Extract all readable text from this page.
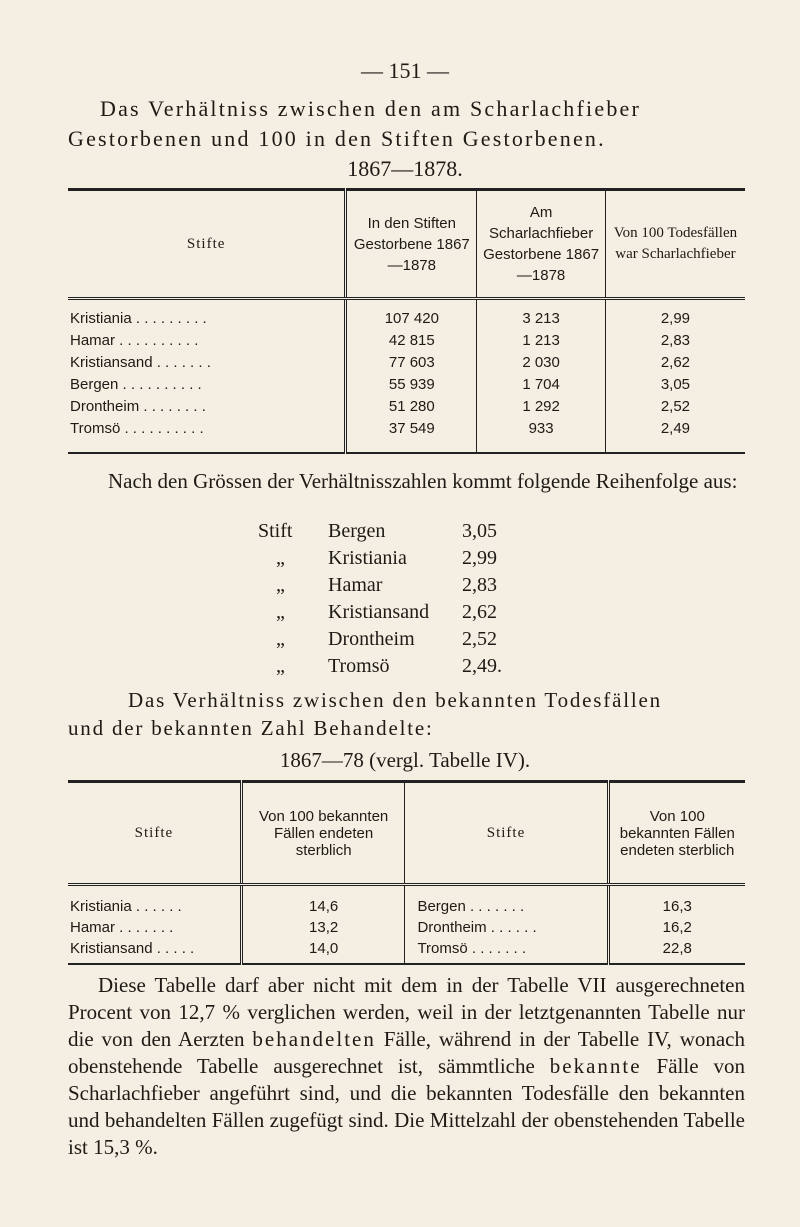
— 151 —
Das Verhältniss zwischen den am Scharlachfieber
Gestorbenen und 100 in den Stiften Gestorbenen.
1867—1878.
Stifte	In den Stiften Gestorbene 1867—1878	Am Scharlachfieber Gestorbene 1867—1878	Von 100 Todesfällen war Scharlachfieber
Kristiania . . . . . . . . .	107 420	3 213	2,99
Hamar . . . . . . . . . .	42 815	1 213	2,83
Kristiansand . . . . . . .	77 603	2 030	2,62
Bergen . . . . . . . . . .	55 939	1 704	3,05
Drontheim . . . . . . . .	51 280	1 292	2,52
Tromsö . . . . . . . . . .	37 549	933	2,49
Nach den Grössen der Verhältnisszahlen kommt folgende Reihenfolge aus:
Stift	Bergen	3,05
„	Kristiania	2,99
„	Hamar	2,83
„	Kristiansand	2,62
„	Drontheim	2,52
„	Tromsö	2,49.
Das Verhältniss zwischen den bekannten Todesfällen
und der bekannten Zahl Behandelte:
1867—78 (vergl. Tabelle IV).
Stifte	Von 100 bekannten Fällen endeten sterblich	Stifte	Von 100 bekannten Fällen endeten sterblich
Kristiania . . . . . .	14,6	Bergen . . . . . . .	16,3
Hamar . . . . . . .	13,2	Drontheim . . . . . .	16,2
Kristiansand . . . . .	14,0	Tromsö . . . . . . .	22,8
Diese Tabelle darf aber nicht mit dem in der Tabelle VII ausgerechneten Procent von 12,7 % verglichen werden, weil in der letztgenannten Tabelle nur die von den Aerzten behandelten Fälle, während in der Tabelle IV, wonach obenstehende Tabelle ausgerechnet ist, sämmtliche bekannte Fälle von Scharlachfieber angeführt sind, und die bekannten Todesfälle den bekannten und behandelten Fällen zugefügt sind. Die Mittelzahl der obenstehenden Tabelle ist 15,3 %.
